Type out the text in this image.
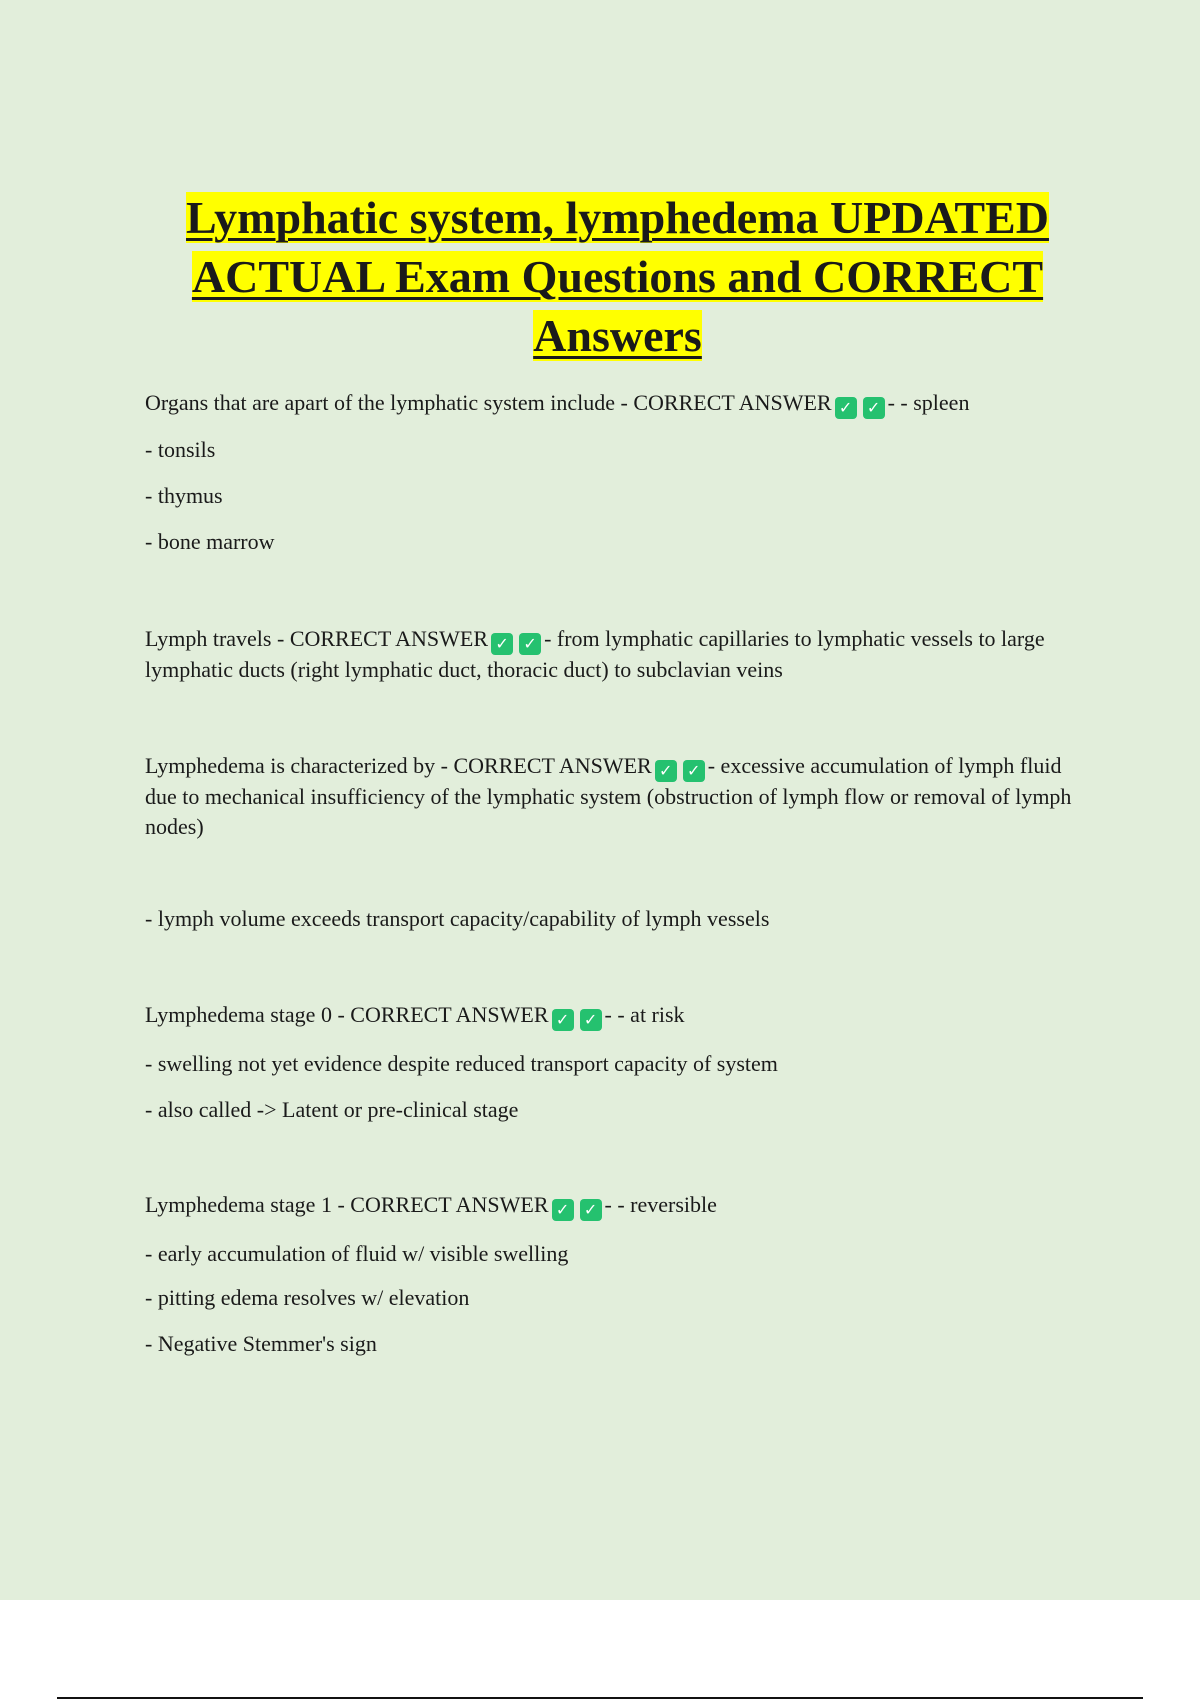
Lymphatic system, lymphedema UPDATED ACTUAL Exam Questions and CORRECT Answers

Organs that are apart of the lymphatic system include - CORRECT ANSWER ✓ ✓ - - spleen

- tonsils

- thymus

- bone marrow

Lymph travels - CORRECT ANSWER ✓ ✓ - from lymphatic capillaries to lymphatic vessels to large lymphatic ducts (right lymphatic duct, thoracic duct) to subclavian veins

Lymphedema is characterized by - CORRECT ANSWER ✓ ✓ - excessive accumulation of lymph fluid due to mechanical insufficiency of the lymphatic system (obstruction of lymph flow or removal of lymph nodes)

- lymph volume exceeds transport capacity/capability of lymph vessels

Lymphedema stage 0 - CORRECT ANSWER ✓ ✓ - - at risk

- swelling not yet evidence despite reduced transport capacity of system

- also called -> Latent or pre-clinical stage

Lymphedema stage 1 - CORRECT ANSWER ✓ ✓ - - reversible

- early accumulation of fluid w/ visible swelling

- pitting edema resolves w/ elevation

- Negative Stemmer's sign
